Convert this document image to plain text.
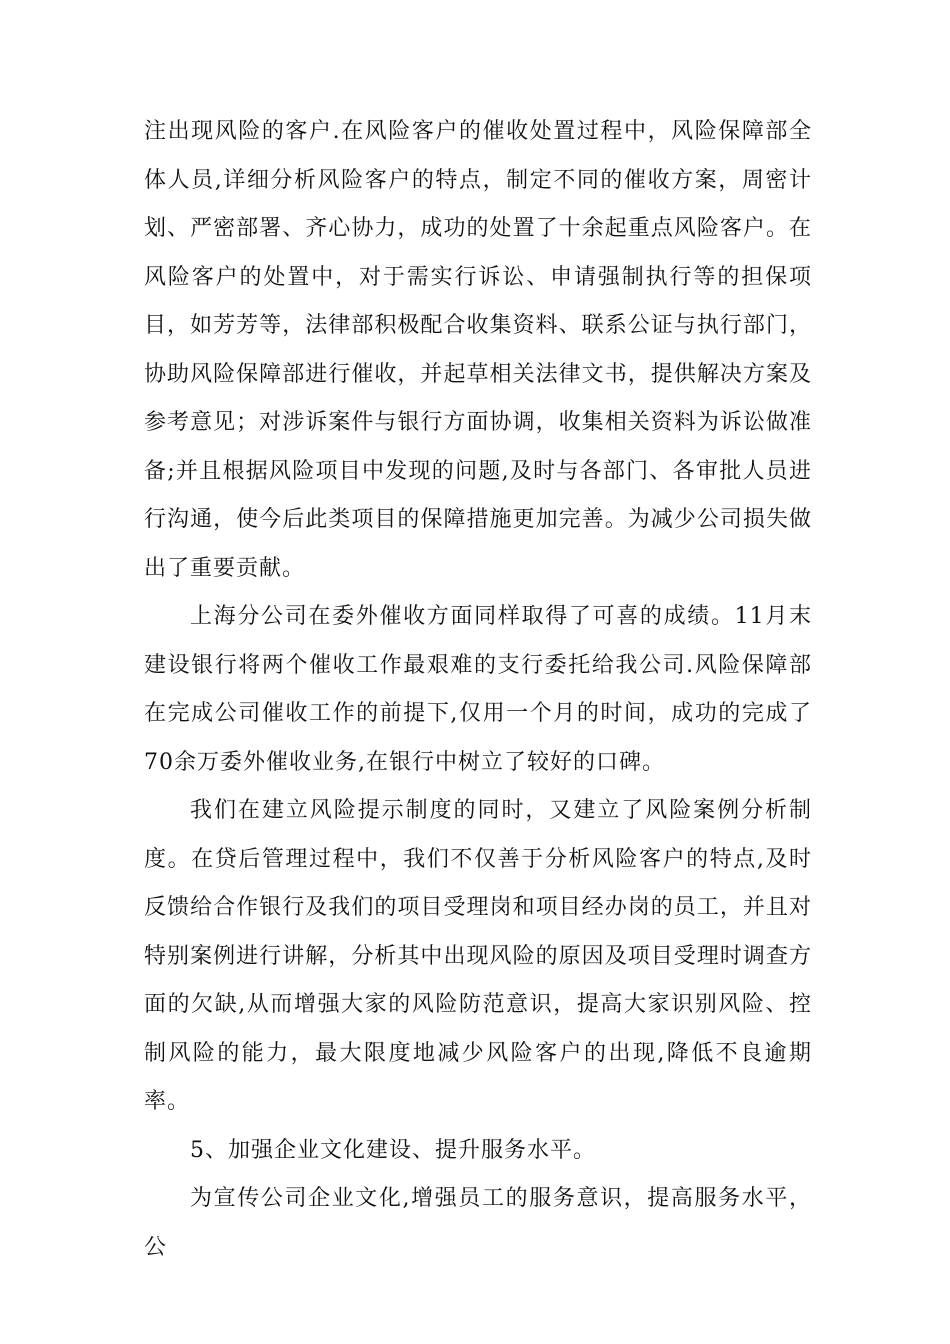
注出现风险的客户.在风险客户的催收处置过程中，风险保障部全体人员,详细分析风险客户的特点，制定不同的催收方案，周密计划、严密部署、齐心协力，成功的处置了十余起重点风险客户。在风险客户的处置中，对于需实行诉讼、申请强制执行等的担保项目，如芳芳等，法律部积极配合收集资料、联系公证与执行部门，协助风险保障部进行催收，并起草相关法律文书，提供解决方案及参考意见；对涉诉案件与银行方面协调，收集相关资料为诉讼做准备;并且根据风险项目中发现的问题,及时与各部门、各审批人员进行沟通，使今后此类项目的保障措施更加完善。为减少公司损失做出了重要贡献。

上海分公司在委外催收方面同样取得了可喜的成绩。11月末建设银行将两个催收工作最艰难的支行委托给我公司.风险保障部在完成公司催收工作的前提下,仅用一个月的时间，成功的完成了70余万委外催收业务,在银行中树立了较好的口碑。

我们在建立风险提示制度的同时，又建立了风险案例分析制度。在贷后管理过程中，我们不仅善于分析风险客户的特点,及时反馈给合作银行及我们的项目受理岗和项目经办岗的员工，并且对特别案例进行讲解，分析其中出现风险的原因及项目受理时调查方面的欠缺,从而增强大家的风险防范意识，提高大家识别风险、控制风险的能力，最大限度地减少风险客户的出现,降低不良逾期率。

5、加强企业文化建设、提升服务水平。

为宣传公司企业文化,增强员工的服务意识，提高服务水平，公
